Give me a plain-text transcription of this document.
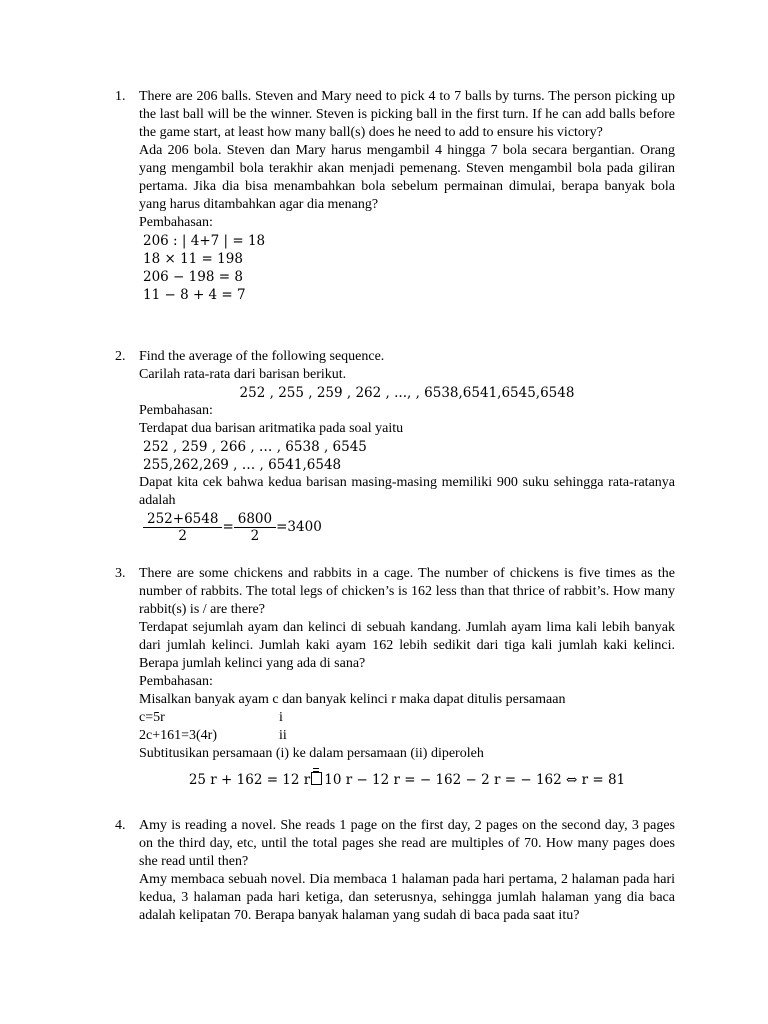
1. There are 206 balls. Steven and Mary need to pick 4 to 7 balls by turns. The person picking up the last ball will be the winner. Steven is picking ball in the first turn. If he can add balls before the game start, at least how many ball(s) does he need to add to ensure his victory?
Ada 206 bola. Steven dan Mary harus mengambil 4 hingga 7 bola secara bergantian. Orang yang mengambil bola terakhir akan menjadi pemenang. Steven mengambil bola pada giliran pertama. Jika dia bisa menambahkan bola sebelum permainan dimulai, berapa banyak bola yang harus ditambahkan agar dia menang?
Pembahasan:
206 : | 4+7 | = 18
18 × 11 = 198
206 − 198 = 8
11 − 8 + 4 = 7
2. Find the average of the following sequence.
Carilah rata-rata dari barisan berikut.
252 , 255 , 259 , 262 , ..., , 6538,6541,6545,6548
Pembahasan:
Terdapat dua barisan aritmatika pada soal yaitu
252 , 259 , 266 , … , 6538 , 6545
255,262,269 , … , 6541,6548
Dapat kita cek bahwa kedua barisan masing-masing memiliki 900 suku sehingga rata-ratanya adalah
$\frac{252+6548}{2} = \frac{6800}{2} =3400$
3. There are some chickens and rabbits in a cage. The number of chickens is five times as the number of rabbits. The total legs of chicken’s is 162 less than that thrice of rabbit’s. How many rabbit(s) is / are there?
Terdapat sejumlah ayam dan kelinci di sebuah kandang. Jumlah ayam lima kali lebih banyak dari jumlah kelinci. Jumlah kaki ayam 162 lebih sedikit dari tiga kali jumlah kaki kelinci. Berapa jumlah kelinci yang ada di sana?
Pembahasan:
Misalkan banyak ayam c dan banyak kelinci r maka dapat ditulis persamaan
c=5r	i
2c+161=3(4r)	ii
Subtitusikan persamaan (i) ke dalam persamaan (ii) diperoleh
25 r + 162 = 12 r 10 r − 12 r = − 162 − 2 r = − 162 ⇔ r = 81
4. Amy is reading a novel. She reads 1 page on the first day, 2 pages on the second day, 3 pages on the third day, etc, until the total pages she read are multiples of 70. How many pages does she read until then?
Amy membaca sebuah novel. Dia membaca 1 halaman pada hari pertama, 2 halaman pada hari kedua, 3 halaman pada hari ketiga, dan seterusnya, sehingga jumlah halaman yang dia baca adalah kelipatan 70. Berapa banyak halaman yang sudah di baca pada saat itu?
